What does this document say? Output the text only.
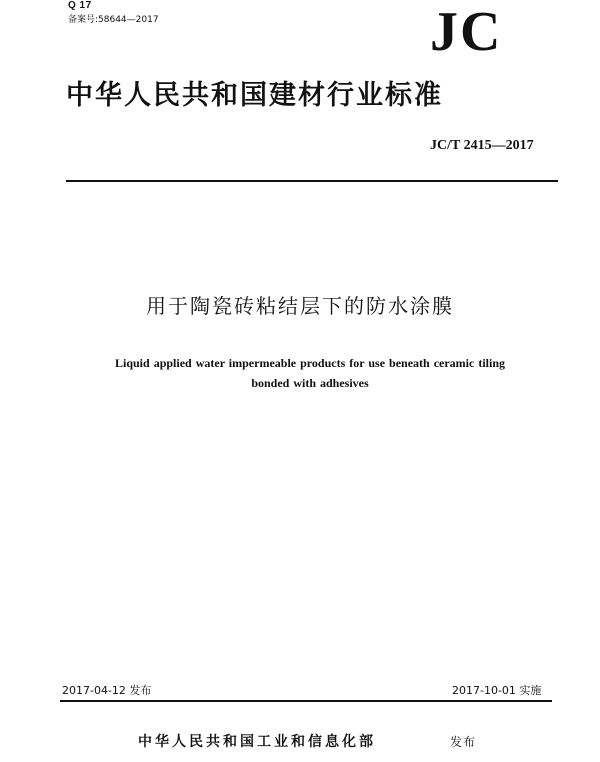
Q 17
备案号:58644—2017	JC
中华人民共和国建材行业标准
JC/T 2415—2017
用于陶瓷砖粘结层下的防水涂膜
Liquid applied water impermeable products for use beneath ceramic tiling
bonded with adhesives
2017-04-12 发布	2017-10-01 实施
中华人民共和国工业和信息化部	发布
